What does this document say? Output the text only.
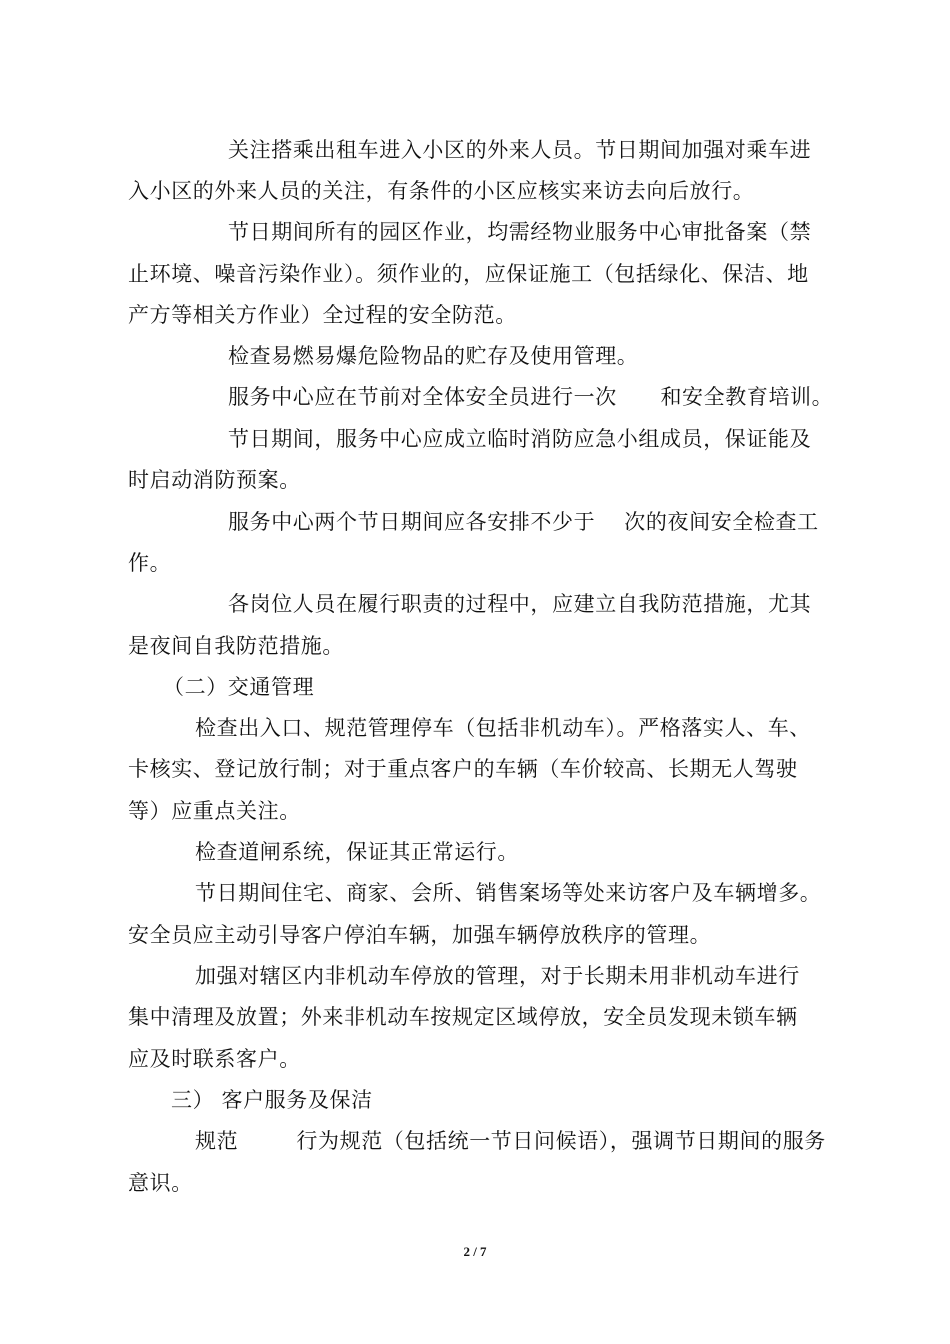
关注搭乘出租车进入小区的外来人员。节日期间加强对乘车进
入小区的外来人员的关注，有条件的小区应核实来访去向后放行。
节日期间所有的园区作业，均需经物业服务中心审批备案（禁
止环境、噪音污染作业）。须作业的，应保证施工（包括绿化、保洁、地
产方等相关方作业）全过程的安全防范。
检查易燃易爆危险物品的贮存及使用管理。
服务中心应在节前对全体安全员进行一次      和安全教育培训。
节日期间，服务中心应成立临时消防应急小组成员，保证能及
时启动消防预案。
服务中心两个节日期间应各安排不少于    次的夜间安全检查工
作。
各岗位人员在履行职责的过程中，应建立自我防范措施，尤其
是夜间自我防范措施。
（二）交通管理
检查出入口、规范管理停车（包括非机动车）。严格落实人、车、
卡核实、登记放行制；对于重点客户的车辆（车价较高、长期无人驾驶
等）应重点关注。
检查道闸系统，保证其正常运行。
节日期间住宅、商家、会所、销售案场等处来访客户及车辆增多。
安全员应主动引导客户停泊车辆，加强车辆停放秩序的管理。
加强对辖区内非机动车停放的管理，对于长期未用非机动车进行
集中清理及放置；外来非机动车按规定区域停放，安全员发现未锁车辆
应及时联系客户。
三） 客户服务及保洁
规范        行为规范（包括统一节日问候语），强调节日期间的服务
意识。
2 / 7
